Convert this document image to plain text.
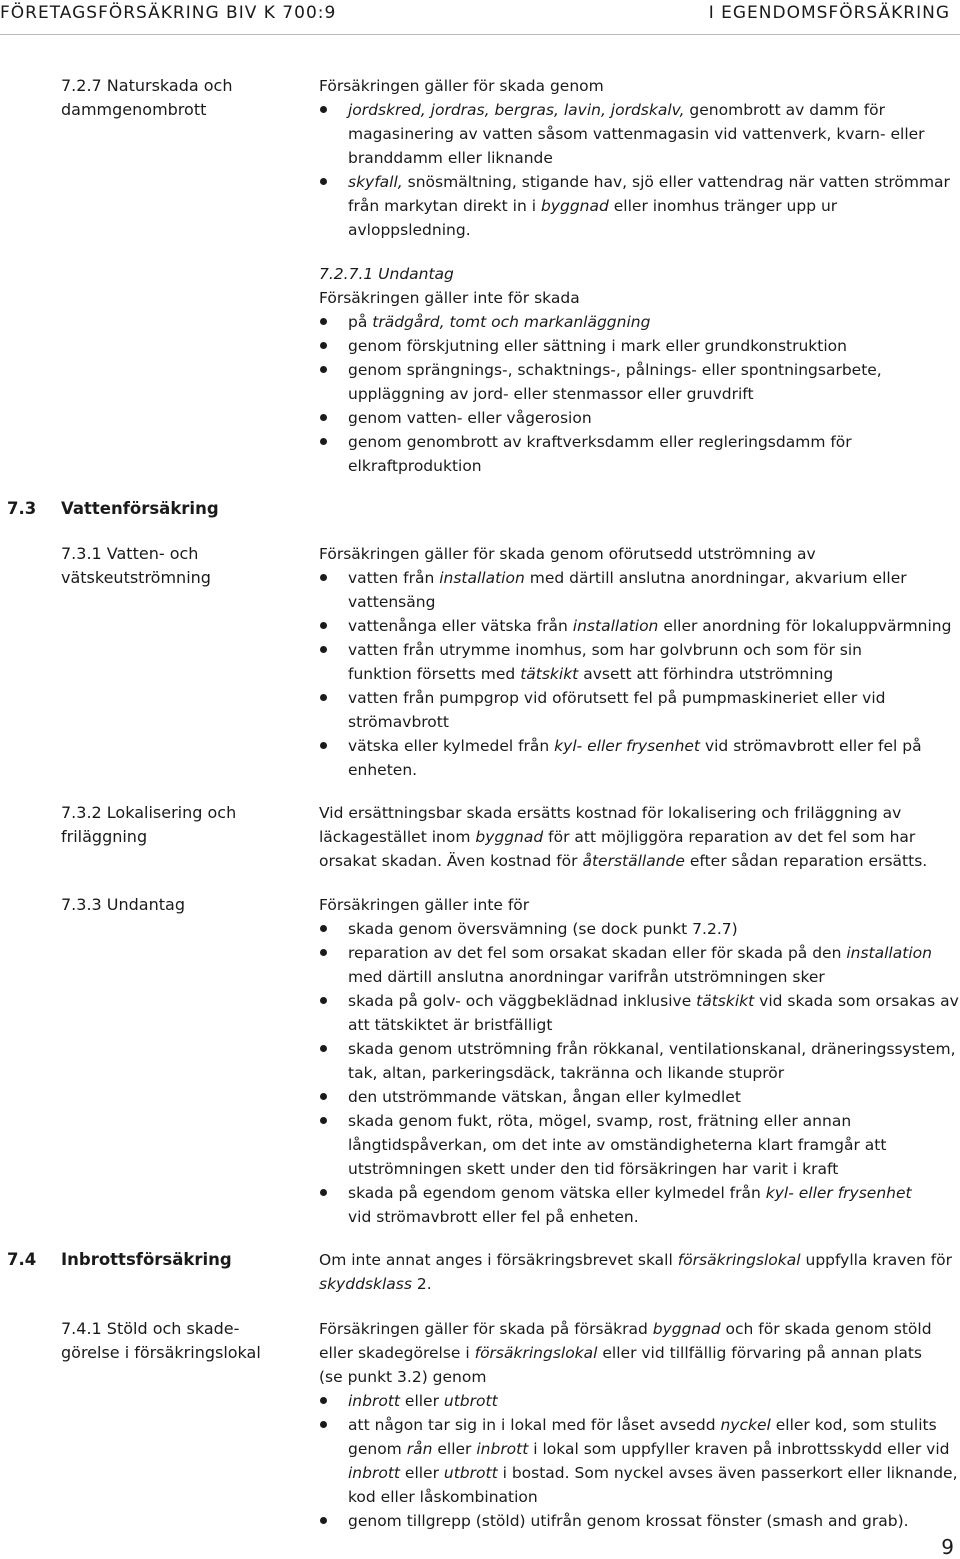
FÖRETAGSFÖRSÄKRING BIV K 700:9	I EGENDOMSFÖRSÄKRING
7.2.7 Naturskada och
dammgenombrott
Försäkringen gäller för skada genom
jordskred, jordras, bergras, lavin, jordskalv, genombrott av damm för
magasinering av vatten såsom vattenmagasin vid vattenverk, kvarn- eller
branddamm eller liknande
skyfall, snösmältning, stigande hav, sjö eller vattendrag när vatten strömmar
från markytan direkt in i byggnad eller inomhus tränger upp ur
avloppsledning.
7.2.7.1 Undantag
Försäkringen gäller inte för skada
på trädgård, tomt och markanläggning
genom förskjutning eller sättning i mark eller grundkonstruktion
genom sprängnings-, schaktnings-, pålnings- eller spontningsarbete,
uppläggning av jord- eller stenmassor eller gruvdrift
genom vatten- eller vågerosion
genom genombrott av kraftverksdamm eller regleringsdamm för
elkraftproduktion
7.3 Vattenförsäkring
7.3.1 Vatten- och
vätskeutströmning
Försäkringen gäller för skada genom oförutsedd utströmning av
vatten från installation med därtill anslutna anordningar, akvarium eller
vattensäng
vattenånga eller vätska från installation eller anordning för lokaluppvärmning
vatten från utrymme inomhus, som har golvbrunn och som för sin
funktion försetts med tätskikt avsett att förhindra utströmning
vatten från pumpgrop vid oförutsett fel på pumpmaskineriet eller vid
strömavbrott
vätska eller kylmedel från kyl- eller frysenhet vid strömavbrott eller fel på
enheten.
7.3.2 Lokalisering och
friläggning
Vid ersättningsbar skada ersätts kostnad för lokalisering och friläggning av
läckagestället inom byggnad för att möjliggöra reparation av det fel som har
orsakat skadan. Även kostnad för återställande efter sådan reparation ersätts.
7.3.3 Undantag	Försäkringen gäller inte för
skada genom översvämning (se dock punkt 7.2.7)
reparation av det fel som orsakat skadan eller för skada på den installation
med därtill anslutna anordningar varifrån utströmningen sker
skada på golv- och väggbeklädnad inklusive tätskikt vid skada som orsakas av
att tätskiktet är bristfälligt
skada genom utströmning från rökkanal, ventilationskanal, dräneringssystem,
tak, altan, parkeringsdäck, takränna och likande stuprör
den utströmmande vätskan, ångan eller kylmedlet
skada genom fukt, röta, mögel, svamp, rost, frätning eller annan
långtidspåverkan, om det inte av omständigheterna klart framgår att
utströmningen skett under den tid försäkringen har varit i kraft
skada på egendom genom vätska eller kylmedel från kyl- eller frysenhet
vid strömavbrott eller fel på enheten.
7.4 Inbrottsförsäkring	Om inte annat anges i försäkringsbrevet skall försäkringslokal uppfylla kraven för
skyddsklass 2.
7.4.1 Stöld och skade-
görelse i försäkringslokal
Försäkringen gäller för skada på försäkrad byggnad och för skada genom stöld
eller skadegörelse i försäkringslokal eller vid tillfällig förvaring på annan plats
(se punkt 3.2) genom
inbrott eller utbrott
att någon tar sig in i lokal med för låset avsedd nyckel eller kod, som stulits
genom rån eller inbrott i lokal som uppfyller kraven på inbrottsskydd eller vid
inbrott eller utbrott i bostad. Som nyckel avses även passerkort eller liknande,
kod eller låskombination
genom tillgrepp (stöld) utifrån genom krossat fönster (smash and grab).
9
